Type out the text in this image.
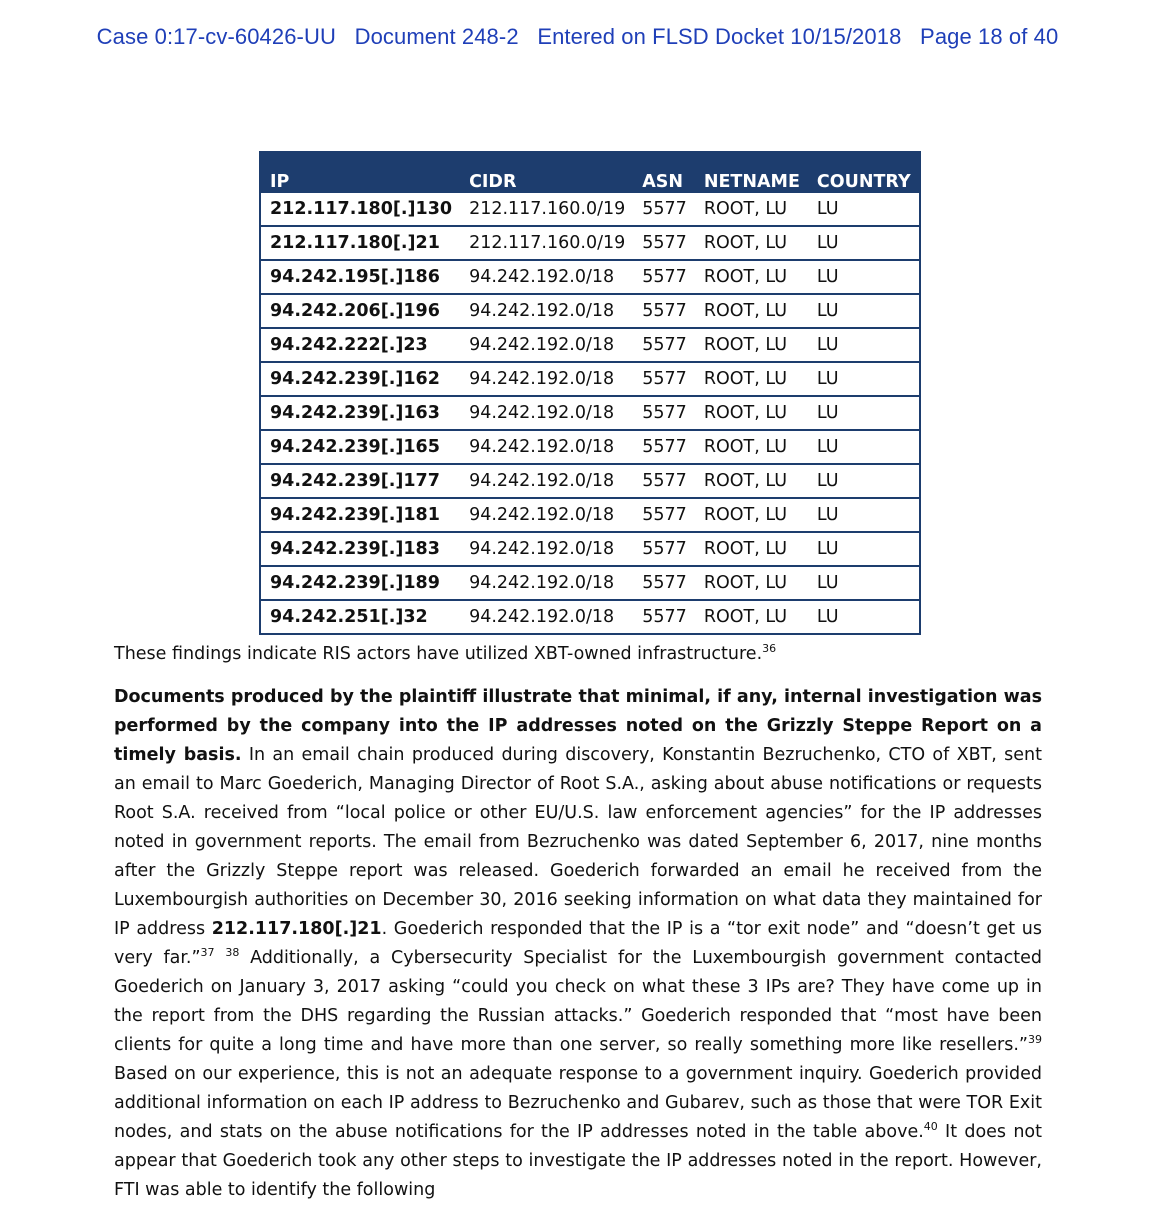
Case 0:17-cv-60426-UU Document 248-2 Entered on FLSD Docket 10/15/2018 Page 18 of 40
IP	CIDR	ASN	NETNAME	COUNTRY
212.117.180[.]130	212.117.160.0/19	5577	ROOT, LU	LU
212.117.180[.]21	212.117.160.0/19	5577	ROOT, LU	LU
94.242.195[.]186	94.242.192.0/18	5577	ROOT, LU	LU
94.242.206[.]196	94.242.192.0/18	5577	ROOT, LU	LU
94.242.222[.]23	94.242.192.0/18	5577	ROOT, LU	LU
94.242.239[.]162	94.242.192.0/18	5577	ROOT, LU	LU
94.242.239[.]163	94.242.192.0/18	5577	ROOT, LU	LU
94.242.239[.]165	94.242.192.0/18	5577	ROOT, LU	LU
94.242.239[.]177	94.242.192.0/18	5577	ROOT, LU	LU
94.242.239[.]181	94.242.192.0/18	5577	ROOT, LU	LU
94.242.239[.]183	94.242.192.0/18	5577	ROOT, LU	LU
94.242.239[.]189	94.242.192.0/18	5577	ROOT, LU	LU
94.242.251[.]32	94.242.192.0/18	5577	ROOT, LU	LU
These findings indicate RIS actors have utilized XBT-owned infrastructure.$^{36}$
Documents produced by the plaintiff illustrate that minimal, if any, internal investigation was performed by the company into the IP addresses noted on the Grizzly Steppe Report on a timely basis. In an email chain produced during discovery, Konstantin Bezruchenko, CTO of XBT, sent an email to Marc Goederich, Managing Director of Root S.A., asking about abuse notifications or requests Root S.A. received from “local police or other EU/U.S. law enforcement agencies” for the IP addresses noted in government reports. The email from Bezruchenko was dated September 6, 2017, nine months after the Grizzly Steppe report was released. Goederich forwarded an email he received from the Luxembourgish authorities on December 30, 2016 seeking information on what data they maintained for IP address 212.117.180[.]21. Goederich responded that the IP is a “tor exit node” and “doesn’t get us very far.”$^{37}$ $^{38}$ Additionally, a Cybersecurity Specialist for the Luxembourgish government contacted Goederich on January 3, 2017 asking “could you check on what these 3 IPs are? They have come up in the report from the DHS regarding the Russian attacks.” Goederich responded that “most have been clients for quite a long time and have more than one server, so really something more like resellers.”$^{39}$ Based on our experience, this is not an adequate response to a government inquiry. Goederich provided additional information on each IP address to Bezruchenko and Gubarev, such as those that were TOR Exit nodes, and stats on the abuse notifications for the IP addresses noted in the table above.$^{40}$ It does not appear that Goederich took any other steps to investigate the IP addresses noted in the report. However, FTI was able to identify the following
